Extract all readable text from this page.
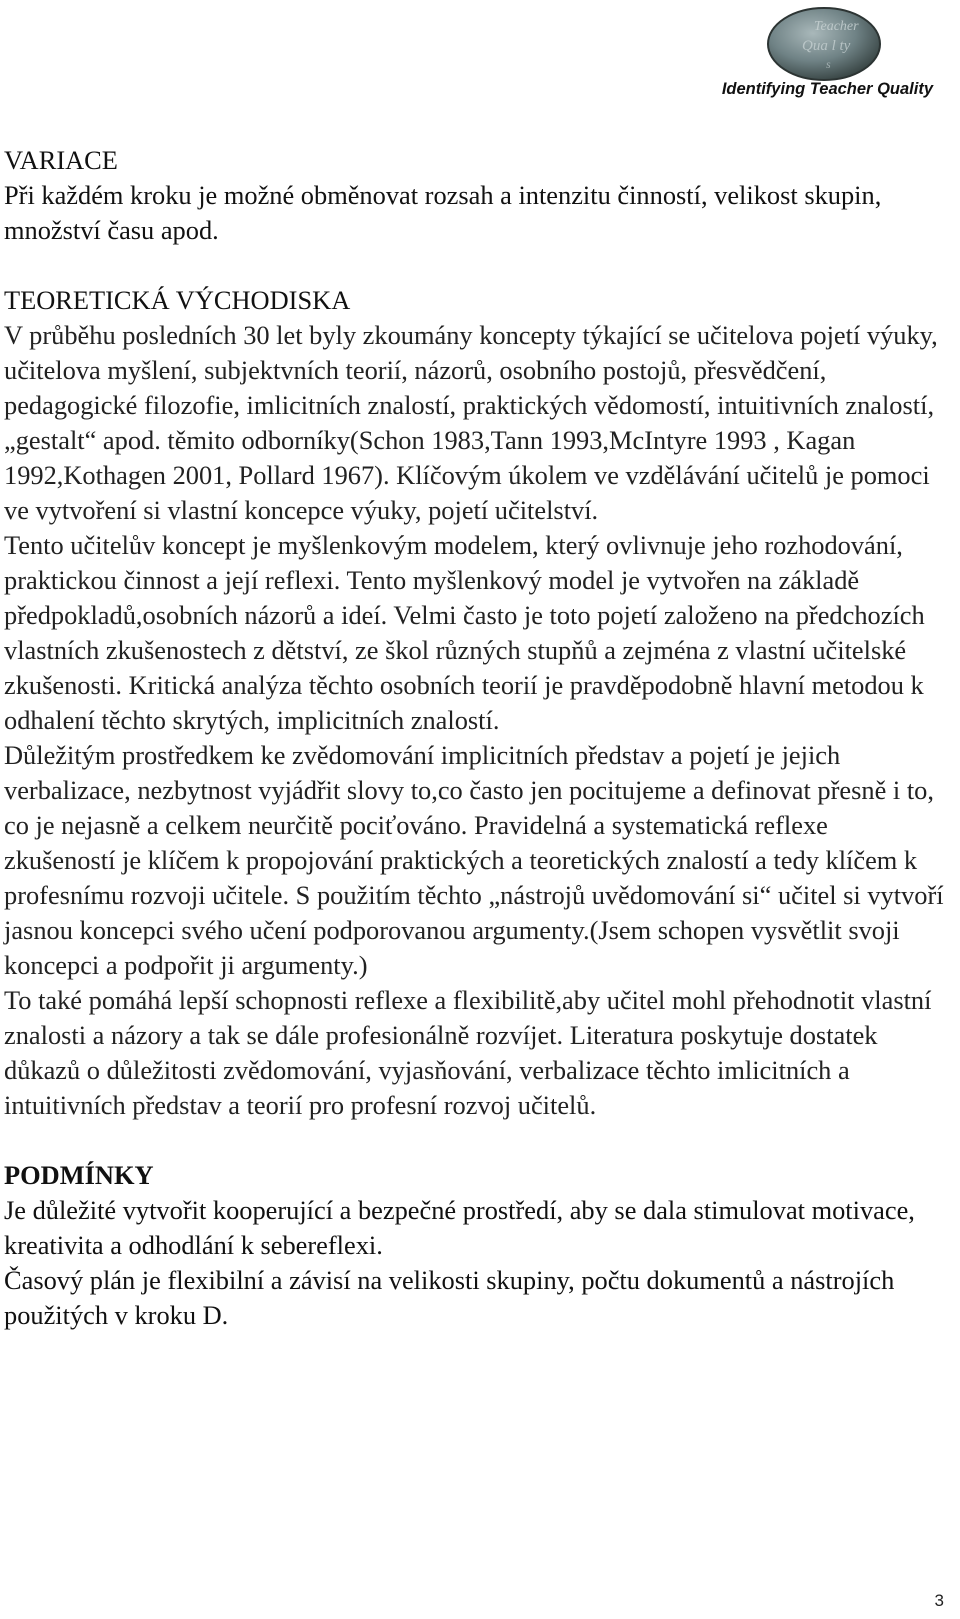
Teacher
Qua l ty
s
Identifying Teacher Quality
VARIACE

Při každém kroku je možné obměnovat rozsah a intenzitu činností, velikost skupin, množství času apod.

TEORETICKÁ VÝCHODISKA

V průběhu posledních 30 let byly zkoumány koncepty týkající se učitelova pojetí výuky, učitelova myšlení, subjektvních teorií, názorů, osobního postojů, přesvědčení, pedagogické filozofie, imlicitních znalostí, praktických vědomostí, intuitivních znalostí, „gestalt“ apod. těmito odborníky(Schon 1983,Tann 1993,McIntyre 1993 , Kagan 1992,Kothagen 2001, Pollard 1967). Klíčovým úkolem ve vzdělávání učitelů je pomoci ve vytvoření si vlastní koncepce výuky, pojetí učitelství.

Tento učitelův koncept je myšlenkovým modelem, který ovlivnuje jeho rozhodování, praktickou činnost a její reflexi. Tento myšlenkový model je vytvořen na základě předpokladů,osobních názorů a ideí. Velmi často je toto pojetí založeno na předchozích vlastních zkušenostech z dětství, ze škol různých stupňů a zejména z vlastní učitelské zkušenosti. Kritická analýza těchto osobních teorií je pravděpodobně hlavní metodou k odhalení těchto skrytých, implicitních znalostí.

Důležitým prostředkem ke zvědomování implicitních představ a pojetí je jejich verbalizace, nezbytnost vyjádřit slovy to,co často jen pocitujeme a definovat přesně i to, co je nejasně a celkem neurčitě pociťováno. Pravidelná a systematická reflexe zkušeností je klíčem k propojování praktických a teoretických znalostí a tedy klíčem k profesnímu rozvoji učitele. S použitím těchto „nástrojů uvědomování si“ učitel si vytvoří jasnou koncepci svého učení podporovanou argumenty.(Jsem schopen vysvětlit svoji koncepci a podpořit ji argumenty.)

To také pomáhá lepší schopnosti reflexe a flexibilitě,aby učitel mohl přehodnotit vlastní znalosti a názory a tak se dále profesionálně rozvíjet. Literatura poskytuje dostatek důkazů o důležitosti zvědomování, vyjasňování, verbalizace těchto imlicitních a intuitivních představ a teorií pro profesní rozvoj učitelů.

PODMÍNKY

Je důležité vytvořit kooperující a bezpečné prostředí, aby se dala stimulovat motivace, kreativita a odhodlání k sebereflexi.

Časový plán je flexibilní a závisí na velikosti skupiny, počtu dokumentů a nástrojích použitých v kroku D.

3
